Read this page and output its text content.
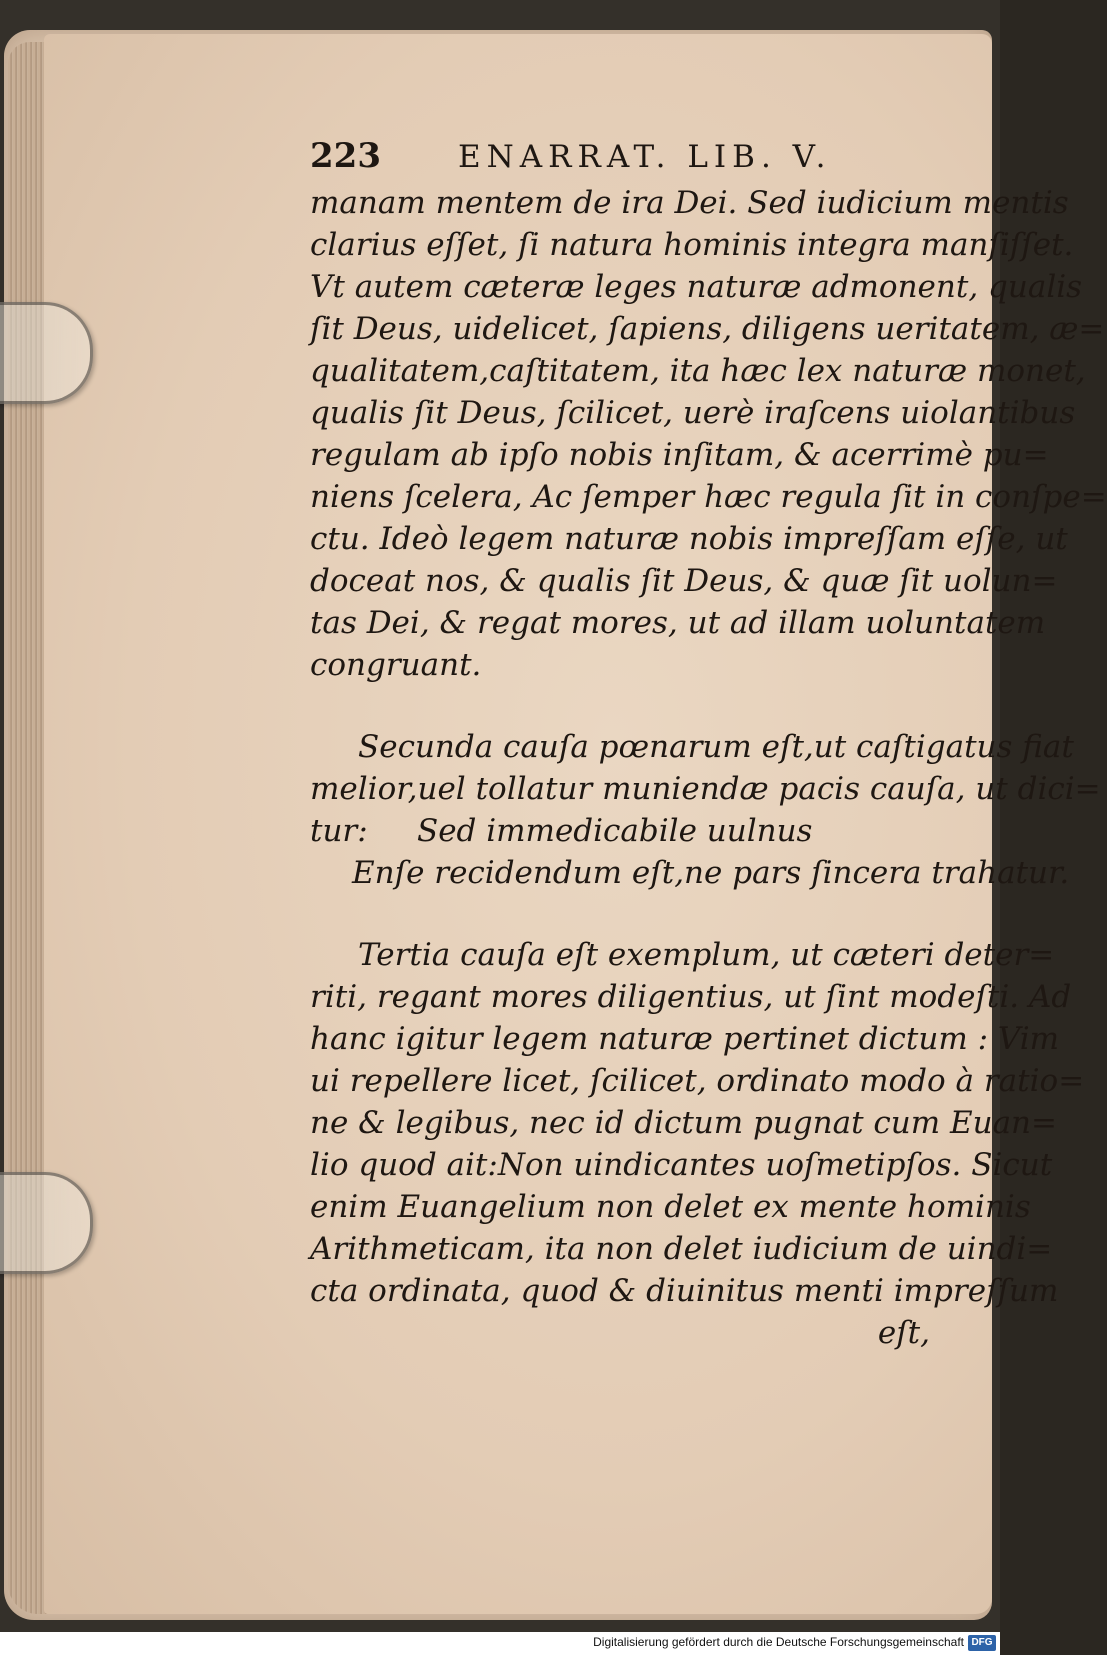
223	ENARRAT. LIB. V.
manam mentem de ira Dei. Sed iudicium mentis
clarius eſſet, ſi natura hominis integra manſiſſet.
Vt autem cæteræ leges naturæ admonent, qualis
ſit Deus, uidelicet, ſapiens, diligens ueritatem, æ=
qualitatem,caſtitatem, ita hæc lex naturæ monet,
qualis ſit Deus, ſcilicet, uerè iraſcens uiolantibus
regulam ab ipſo nobis inſitam, & acerrimè pu=
niens ſcelera, Ac ſemper hæc regula ſit in conſpe=
ctu. Ideò legem naturæ nobis impreſſam eſſe, ut
doceat nos, & qualis ſit Deus, & quæ ſit uolun=
tas Dei, & regat mores, ut ad illam uoluntatem
congruant.
Secunda cauſa pœnarum eſt,ut caſtigatus fiat
melior,uel tollatur muniendæ pacis cauſa, ut dici=
tur:     Sed immedicabile uulnus
Enſe recidendum eſt,ne pars ſincera trahatur.
Tertia cauſa eſt exemplum, ut cæteri deter=
riti, regant mores diligentius, ut ſint modeſti. Ad
hanc igitur legem naturæ pertinet dictum : Vim
ui repellere licet, ſcilicet, ordinato modo à ratio=
ne & legibus, nec id dictum pugnat cum Euan=
lio quod ait:Non uindicantes uoſmetipſos. Sicut
enim Euangelium non delet ex mente hominis
Arithmeticam, ita non delet iudicium de uindi=
cta ordinata, quod & diuinitus menti impreſſum
eſt,
Digitalisierung gefördert durch die Deutsche Forschungsgemeinschaft DFG
